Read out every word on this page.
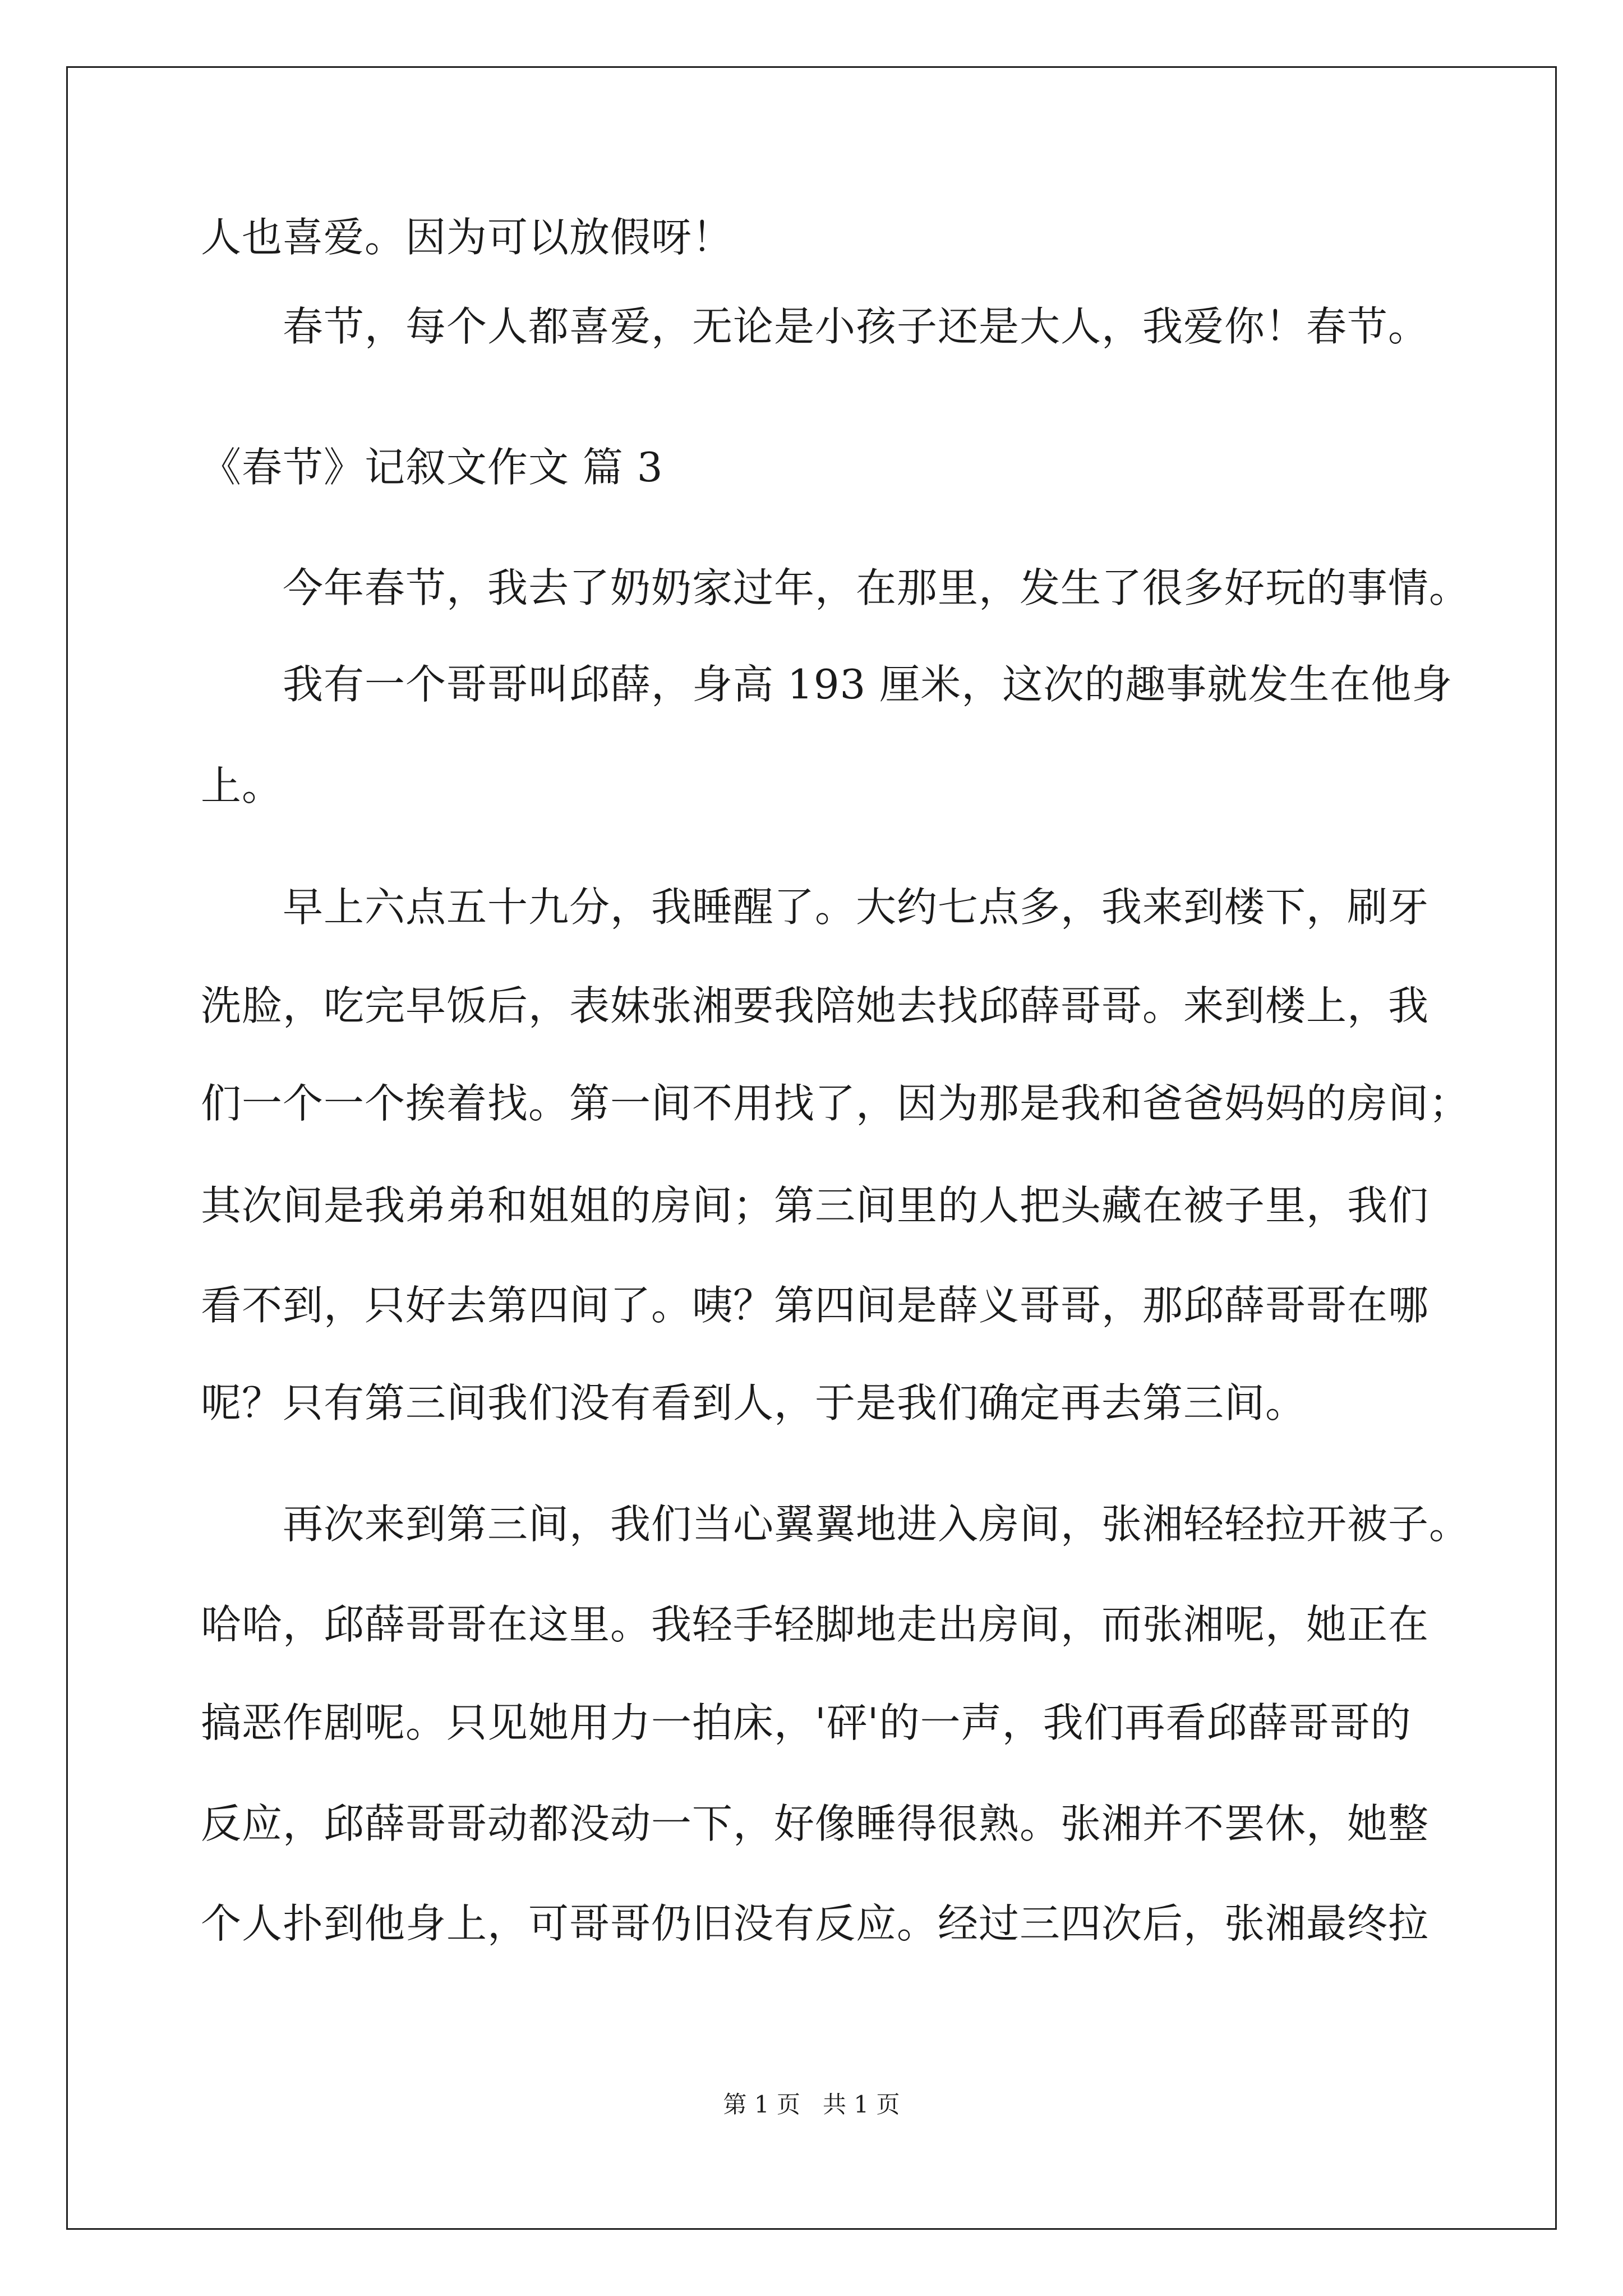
人也喜爱。因为可以放假呀！
春节，每个人都喜爱，无论是小孩子还是大人，我爱你！春节。
《春节》记叙文作文 篇 3
今年春节，我去了奶奶家过年，在那里，发生了很多好玩的事情。
我有一个哥哥叫邱薛，身高 193 厘米，这次的趣事就发生在他身
上。
早上六点五十九分，我睡醒了。大约七点多，我来到楼下，刷牙
洗脸，吃完早饭后，表妹张湘要我陪她去找邱薛哥哥。来到楼上，我
们一个一个挨着找。第一间不用找了，因为那是我和爸爸妈妈的房间；
其次间是我弟弟和姐姐的房间；第三间里的人把头藏在被子里，我们
看不到，只好去第四间了。咦？第四间是薛义哥哥，那邱薛哥哥在哪
呢？只有第三间我们没有看到人，于是我们确定再去第三间。
再次来到第三间，我们当心翼翼地进入房间，张湘轻轻拉开被子。
哈哈，邱薛哥哥在这里。我轻手轻脚地走出房间，而张湘呢，她正在
搞恶作剧呢。只见她用力一拍床，'砰'的一声，我们再看邱薛哥哥的
反应，邱薛哥哥动都没动一下，好像睡得很熟。张湘并不罢休，她整
个人扑到他身上，可哥哥仍旧没有反应。经过三四次后，张湘最终拉
第 1 页   共 1 页
